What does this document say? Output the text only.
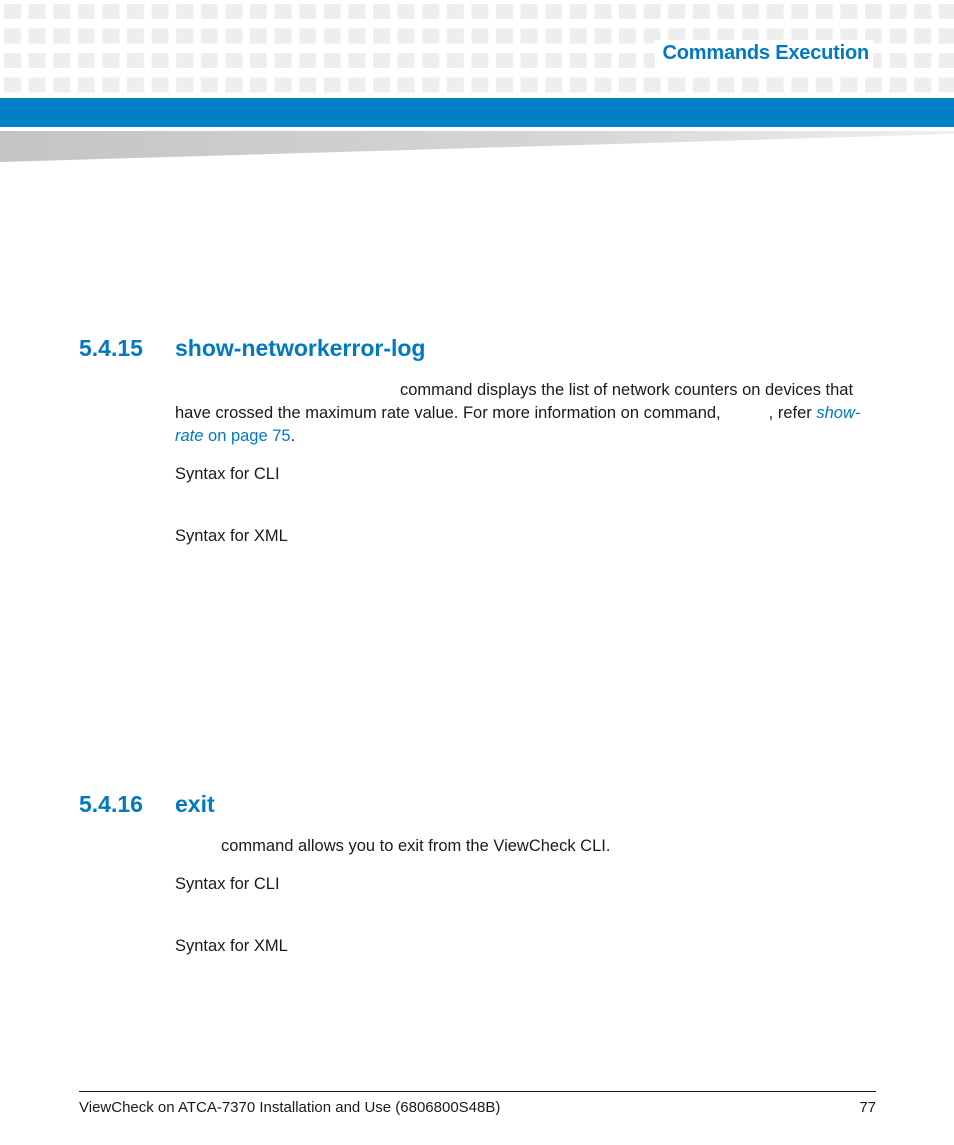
Commands Execution
5.4.15 show-networkerror-log
command displays the list of network counters on devices that
have crossed the maximum rate value. For more information on command,	, refer show-
rate on page 75.
Syntax for CLI
Syntax for XML
5.4.16 exit
command allows you to exit from the ViewCheck CLI.
Syntax for CLI
Syntax for XML
ViewCheck on ATCA-7370 Installation and Use (6806800S48B)	77
